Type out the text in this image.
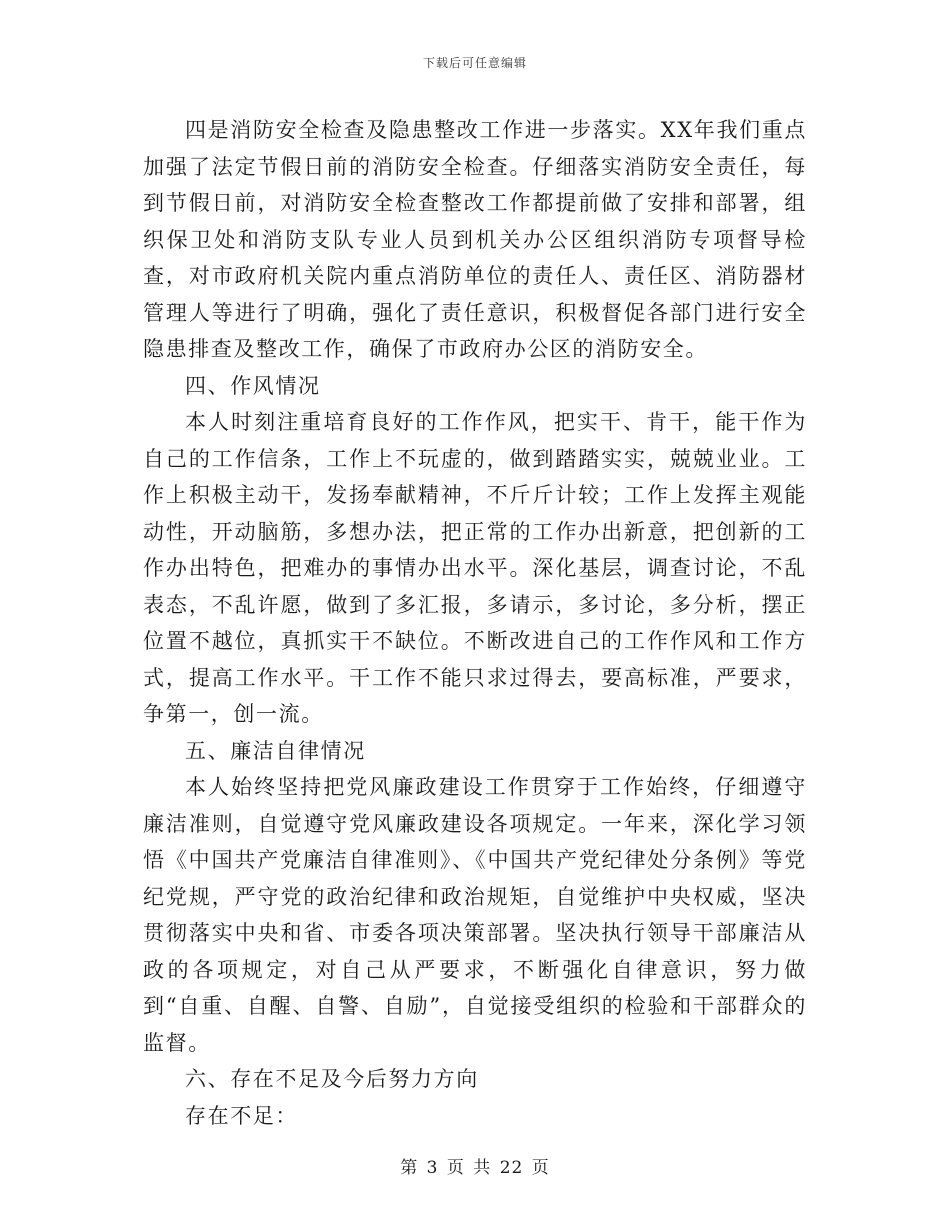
下载后可任意编辑

四是消防安全检查及隐患整改工作进一步落实。XX年我们重点加强了法定节假日前的消防安全检查。仔细落实消防安全责任，每到节假日前，对消防安全检查整改工作都提前做了安排和部署，组织保卫处和消防支队专业人员到机关办公区组织消防专项督导检查，对市政府机关院内重点消防单位的责任人、责任区、消防器材管理人等进行了明确，强化了责任意识，积极督促各部门进行安全隐患排查及整改工作，确保了市政府办公区的消防安全。

四、作风情况

本人时刻注重培育良好的工作作风，把实干、肯干，能干作为自己的工作信条，工作上不玩虚的，做到踏踏实实，兢兢业业。工作上积极主动干，发扬奉献精神，不斤斤计较；工作上发挥主观能动性，开动脑筋，多想办法，把正常的工作办出新意，把创新的工作办出特色，把难办的事情办出水平。深化基层，调查讨论，不乱表态，不乱许愿，做到了多汇报，多请示，多讨论，多分析，摆正位置不越位，真抓实干不缺位。不断改进自己的工作作风和工作方式，提高工作水平。干工作不能只求过得去，要高标准，严要求，争第一，创一流。

五、廉洁自律情况

本人始终坚持把党风廉政建设工作贯穿于工作始终，仔细遵守廉洁准则，自觉遵守党风廉政建设各项规定。一年来，深化学习领悟《中国共产党廉洁自律准则》、《中国共产党纪律处分条例》等党纪党规，严守党的政治纪律和政治规矩，自觉维护中央权威，坚决贯彻落实中央和省、市委各项决策部署。坚决执行领导干部廉洁从政的各项规定，对自己从严要求，不断强化自律意识，努力做到“自重、自醒、自警、自励”，自觉接受组织的检验和干部群众的监督。

六、存在不足及今后努力方向

存在不足：

第 3 页 共 22 页
